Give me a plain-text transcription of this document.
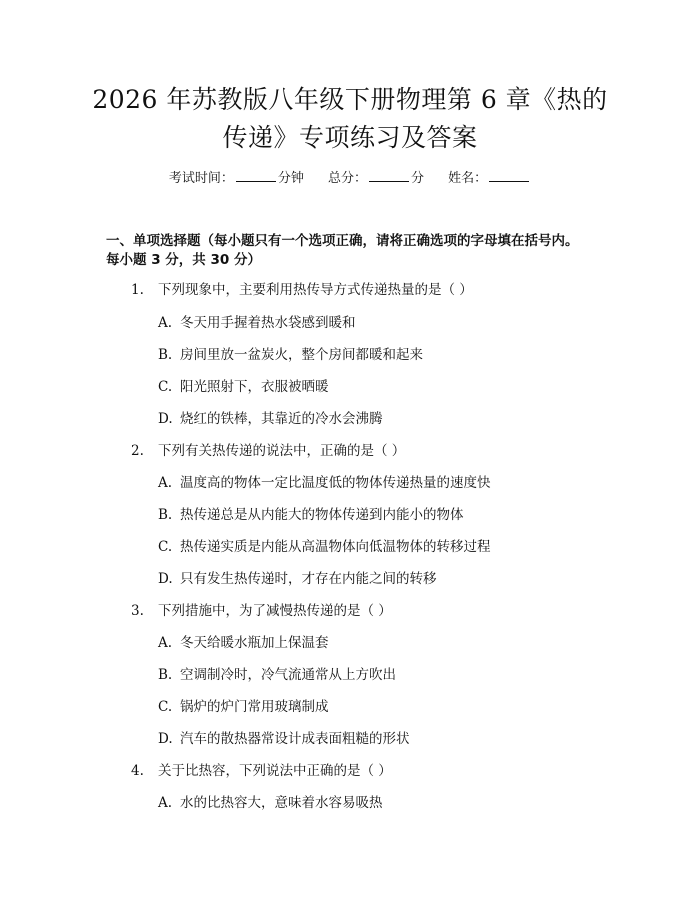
2026 年苏教版八年级下册物理第 6 章《热的
传递》专项练习及答案
考试时间：	分钟 总分：	分 姓名：
一、单项选择题（每小题只有一个选项正确，请将正确选项的字母填在括号内。
每小题 3 分，共 30 分）
1. 下列现象中，主要利用热传导方式传递热量的是（ ）
A. 冬天用手握着热水袋感到暖和
B. 房间里放一盆炭火，整个房间都暖和起来
C. 阳光照射下，衣服被晒暖
D. 烧红的铁棒，其靠近的冷水会沸腾
2. 下列有关热传递的说法中，正确的是（ ）
A. 温度高的物体一定比温度低的物体传递热量的速度快
B. 热传递总是从内能大的物体传递到内能小的物体
C. 热传递实质是内能从高温物体向低温物体的转移过程
D. 只有发生热传递时，才存在内能之间的转移
3. 下列措施中，为了减慢热传递的是（ ）
A. 冬天给暖水瓶加上保温套
B. 空调制冷时，冷气流通常从上方吹出
C. 锅炉的炉门常用玻璃制成
D. 汽车的散热器常设计成表面粗糙的形状
4. 关于比热容，下列说法中正确的是（ ）
A. 水的比热容大，意味着水容易吸热
